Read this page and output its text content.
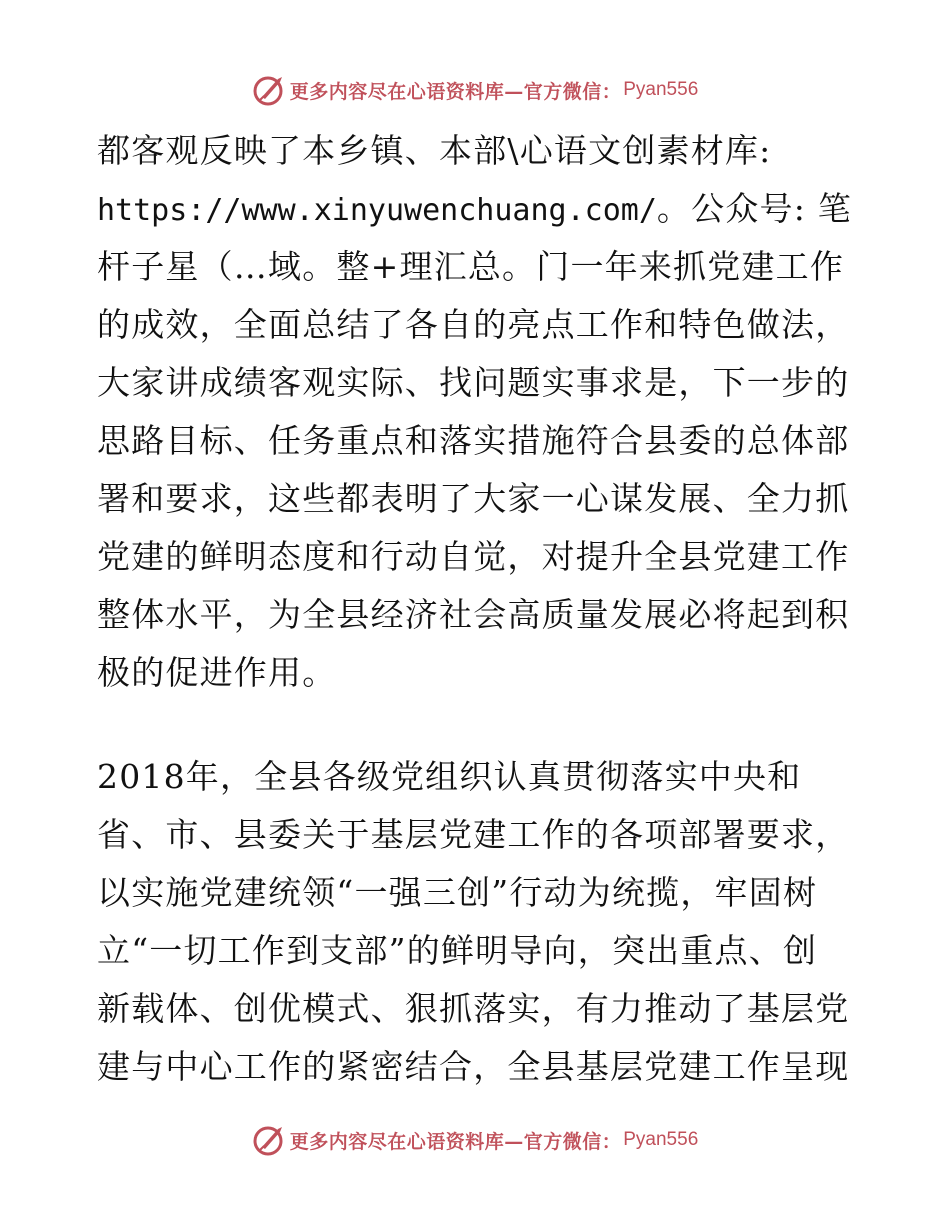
更多内容尽在心语资料库—官方微信： Pyan556
都客观反映了本乡镇、本部\心语文创素材库:
https://www.xinyuwenchuang.com/。公众号: 笔
杆子星（…域。整+理汇总。门一年来抓党建工作
的成效，全面总结了各自的亮点工作和特色做法，
大家讲成绩客观实际、找问题实事求是，下一步的
思路目标、任务重点和落实措施符合县委的总体部
署和要求，这些都表明了大家一心谋发展、全力抓
党建的鲜明态度和行动自觉，对提升全县党建工作
整体水平，为全县经济社会高质量发展必将起到积
极的促进作用。
2018年，全县各级党组织认真贯彻落实中央和
省、市、县委关于基层党建工作的各项部署要求，
以实施党建统领“一强三创”行动为统揽，牢固树
立“一切工作到支部”的鲜明导向，突出重点、创
新载体、创优模式、狠抓落实，有力推动了基层党
建与中心工作的紧密结合，全县基层党建工作呈现
更多内容尽在心语资料库—官方微信： Pyan556
